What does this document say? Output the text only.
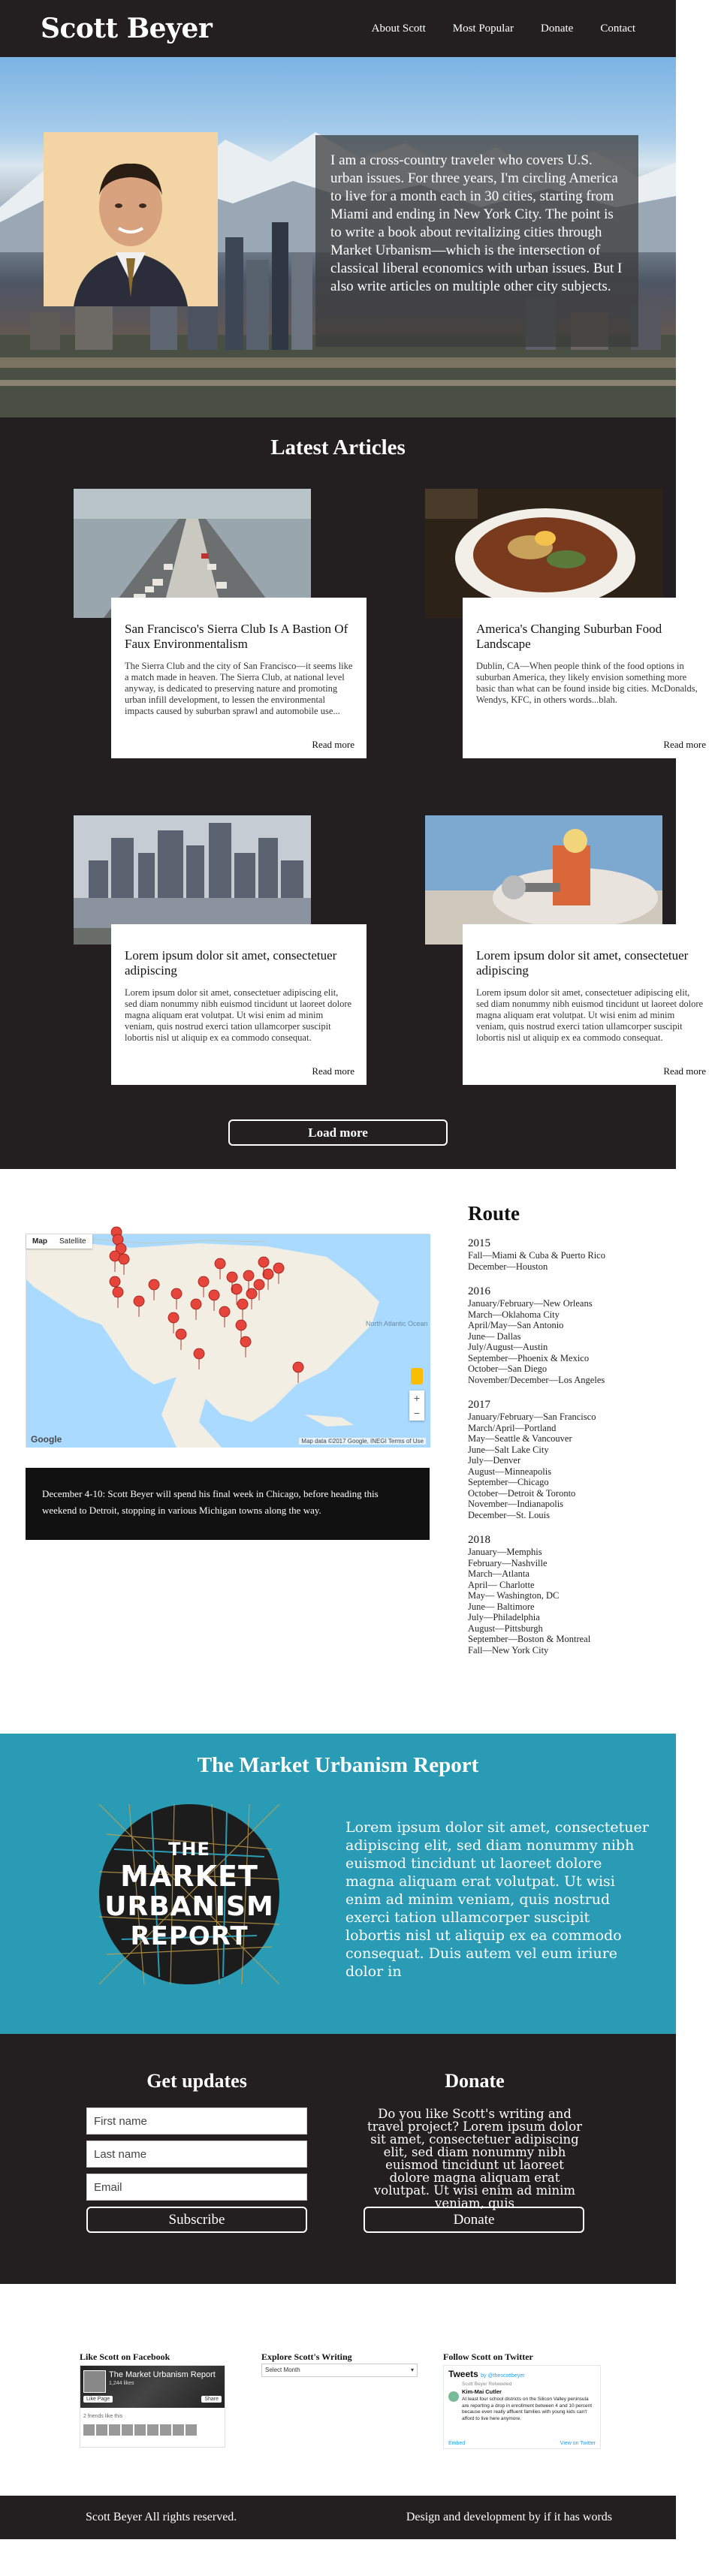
Scott Beyer	About Scott Most Popular Donate Contact

I am a cross-country traveler who covers U.S. urban issues. For three years, I'm circling America to live for a month each in 30 cities, starting from Miami and ending in New York City. The point is to write a book about revitalizing cities through Market Urbanism—which is the intersection of classical liberal economics with urban issues. But I also write articles on multiple other city subjects.

Latest Articles
San Francisco's Sierra Club Is A Bastion Of Faux Environmentalism
The Sierra Club and the city of San Francisco—it seems like a match made in heaven. The Sierra Club, at national level anyway, is dedicated to preserving nature and promoting urban infill development, to lessen the environmental impacts caused by suburban sprawl and automobile use...
Read more
America's Changing Suburban Food Landscape
Dublin, CA—When people think of the food options in suburban America, they likely envision something more basic than what can be found inside big cities. McDonalds, Wendys, KFC, in others words...blah.
Read more
Lorem ipsum dolor sit amet, consectetuer adipiscing
Lorem ipsum dolor sit amet, consectetuer adipiscing elit, sed diam nonummy nibh euismod tincidunt ut laoreet dolore magna aliquam erat volutpat. Ut wisi enim ad minim veniam, quis nostrud exerci tation ullamcorper suscipit lobortis nisl ut aliquip ex ea commodo consequat.
Read more
Lorem ipsum dolor sit amet, consectetuer adipiscing
Lorem ipsum dolor sit amet, consectetuer adipiscing elit, sed diam nonummy nibh euismod tincidunt ut laoreet dolore magna aliquam erat volutpat. Ut wisi enim ad minim veniam, quis nostrud exerci tation ullamcorper suscipit lobortis nisl ut aliquip ex ea commodo consequat.
Read more
Load more
North Atlantic Ocean
Map	Satellite
+
−
Google	Map data ©2017 Google, INEGI Terms of Use

December 4-10: Scott Beyer will spend his final week in Chicago, before heading this weekend to Detroit, stopping in various Michigan towns along the way.

Route
2015
Fall—Miami & Cuba & Puerto Rico
December—Houston
2016
January/February—New Orleans
March—Oklahoma City
April/May—San Antonio
June— Dallas
July/August—Austin
September—Phoenix & Mexico
October—San Diego
November/December—Los Angeles
2017
January/February—San Francisco
March/April—Portland
May—Seattle & Vancouver
June—Salt Lake City
July—Denver
August—Minneapolis
September—Chicago
October—Detroit & Toronto
November—Indianapolis
December—St. Louis
2018
January—Memphis
February—Nashville
March—Atlanta
April— Charlotte
May— Washington, DC
June— Baltimore
July—Philadelphia
August—Pittsburgh
September—Boston & Montreal
Fall—New York City
The Market Urbanism Report
THE
MARKET
URBANISM
REPORT

Lorem ipsum dolor sit amet, consectetuer adipiscing elit, sed diam nonummy nibh euismod tincidunt ut laoreet dolore magna aliquam erat volutpat. Ut wisi enim ad minim veniam, quis nostrud exerci tation ullamcorper suscipit lobortis nisl ut aliquip ex ea commodo consequat. Duis autem vel eum iriure dolor in

Get updates
First name
Last name
Email
Subscribe
Donate

Do you like Scott's writing and travel project? Lorem ipsum dolor sit amet, consectetuer adipiscing elit, sed diam nonummy nibh euismod tincidunt ut laoreet dolore magna aliquam erat volutpat. Ut wisi enim ad minim veniam, quis

Donate
Like Scott on Facebook
The Market Urbanism Report
1,244 likes
Like Page	Share
2 friends like this
Explore Scott's Writing
Select Month	▾
Follow Scott on Twitter
Tweets by @thescottbeyer
Scott Beyer Retweeted
Kim-Mai Cutler
At least four school districts on the Silicon Valley peninsula are reporting a drop in enrollment between 4 and 10 percent because even really affluent families with young kids can't afford to live here anymore.
Embed	View on Twitter
Scott Beyer All rights reserved.	Design and development by if it has words
